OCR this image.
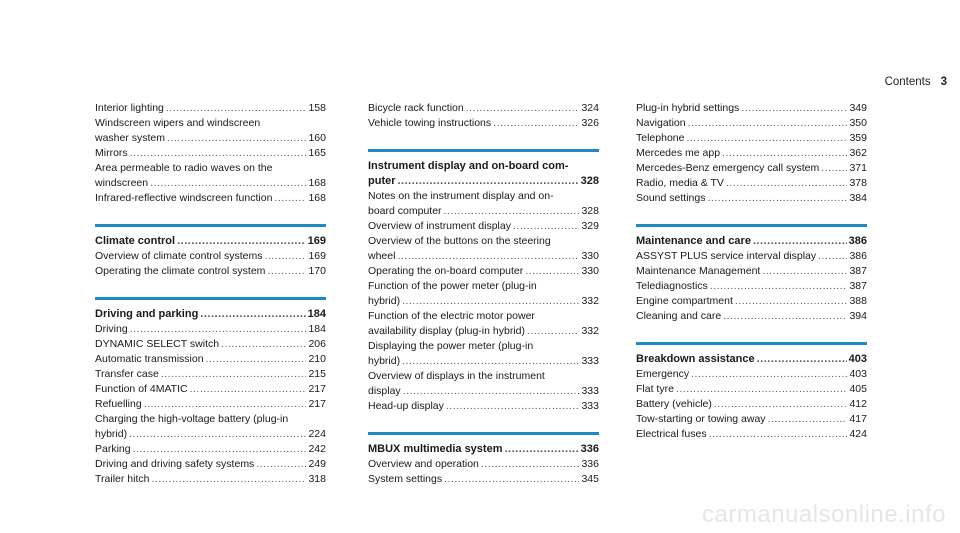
Contents 3
Interior lighting .....	158
Windscreen wipers and windscreen
washer system .....	160
Mirrors .....	165
Area permeable to radio waves on the
windscreen .....	168
Infrared-reflective windscreen function .....	168
Climate control .....	169
Overview of climate control systems .....	169
Operating the climate control system .....	170
Driving and parking .....	184
Driving .....	184
DYNAMIC SELECT switch .....	206
Automatic transmission .....	210
Transfer case .....	215
Function of 4MATIC .....	217
Refuelling .....	217
Charging the high-voltage battery (plug-in
hybrid) .....	224
Parking .....	242
Driving and driving safety systems .....	249
Trailer hitch .....	318
Bicycle rack function .....	324
Vehicle towing instructions .....	326
Instrument display and on-board com-
puter .....	328
Notes on the instrument display and on-
board computer .....	328
Overview of instrument display .....	329
Overview of the buttons on the steering
wheel .....	330
Operating the on-board computer .....	330
Function of the power meter (plug-in
hybrid) .....	332
Function of the electric motor power
availability display (plug-in hybrid) .....	332
Displaying the power meter (plug-in
hybrid) .....	333
Overview of displays in the instrument
display .....	333
Head-up display .....	333
MBUX multimedia system .....	336
Overview and operation .....	336
System settings .....	345
Plug-in hybrid settings .....	349
Navigation .....	350
Telephone .....	359
Mercedes me app .....	362
Mercedes-Benz emergency call system .....	371
Radio, media & TV .....	378
Sound settings .....	384
Maintenance and care .....	386
ASSYST PLUS service interval display .....	386
Maintenance Management .....	387
Telediagnostics .....	387
Engine compartment .....	388
Cleaning and care .....	394
Breakdown assistance .....	403
Emergency .....	403
Flat tyre .....	405
Battery (vehicle) .....	412
Tow-starting or towing away .....	417
Electrical fuses .....	424
carmanualsonline.info
